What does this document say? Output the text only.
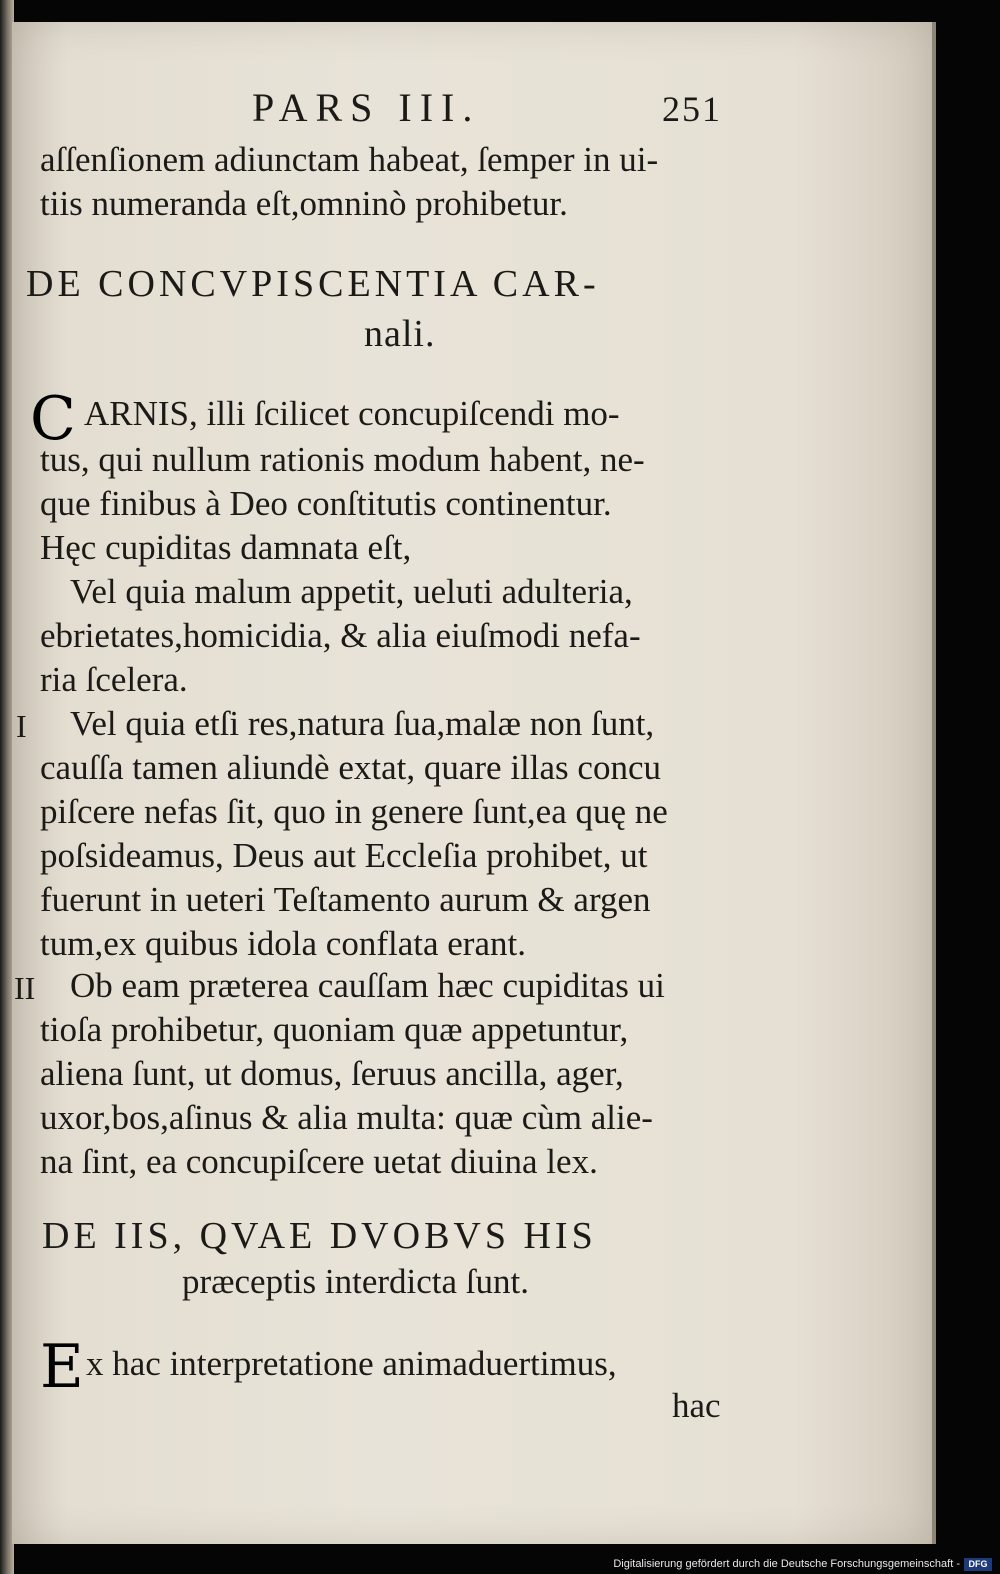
PARS III.	251
aſſenſionem adiunctam habeat, ſemper in ui-
tiis numeranda eſt,omninò prohibetur.
DE CONCVPISCENTIA CAR-
nali.
C ARNIS, illi ſcilicet concupiſcendi mo-
tus, qui nullum rationis modum habent, ne-
que finibus à Deo conſtitutis continentur.
Hęc cupiditas damnata eſt,
Vel quia malum appetit, ueluti adulteria,
ebrietates,homicidia, & alia eiuſmodi nefa-
ria ſcelera.
I Vel quia etſi res,natura ſua,malæ non ſunt,
cauſſa tamen aliundè extat, quare illas concu
piſcere nefas ſit, quo in genere ſunt,ea quę ne
poſsideamus, Deus aut Eccleſia prohibet, ut
fuerunt in ueteri Teſtamento aurum & argen
tum,ex quibus idola conflata erant.
II Ob eam præterea cauſſam hæc cupiditas ui
tioſa prohibetur, quoniam quæ appetuntur,
aliena ſunt, ut domus, ſeruus ancilla, ager,
uxor,bos,aſinus & alia multa: quæ cùm alie-
na ſint, ea concupiſcere uetat diuina lex.
DE IIS, QVAE DVOBVS HIS
præceptis interdicta ſunt.
E x hac interpretatione animaduertimus,
hac
Digitalisierung gefördert durch die Deutsche Forschungsgemeinschaft - DFG
